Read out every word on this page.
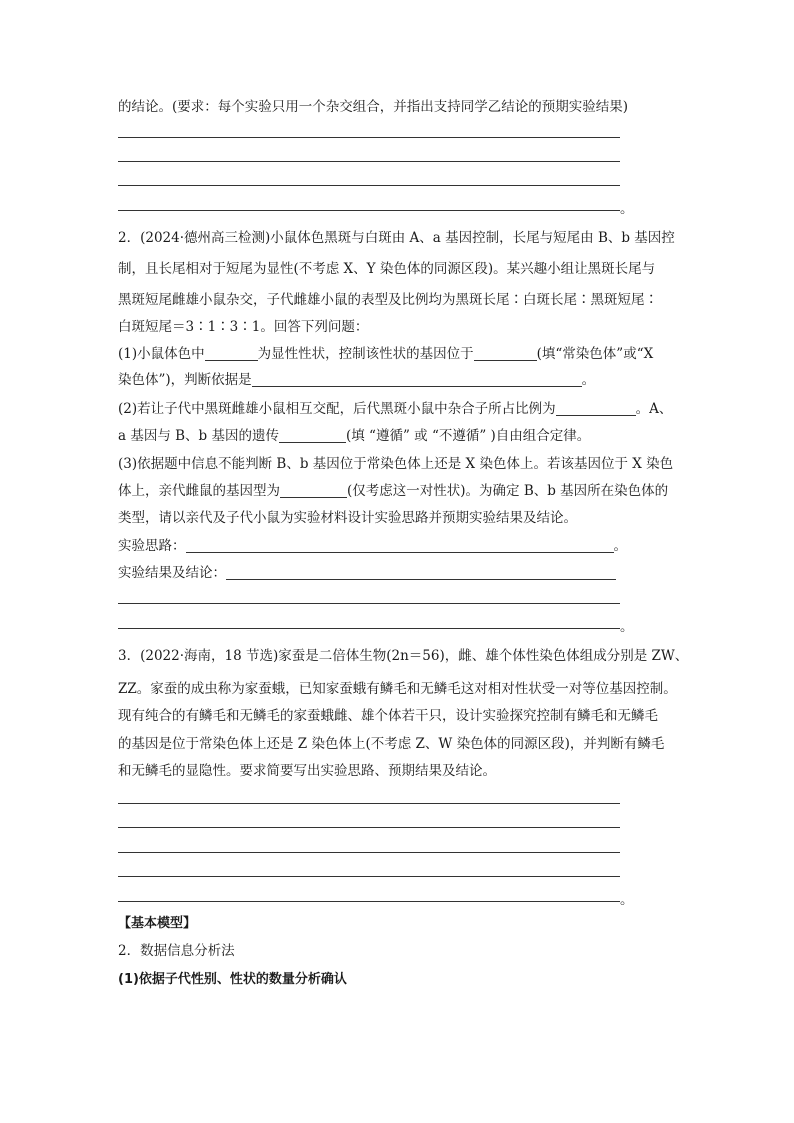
的结论。(要求：每个实验只用一个杂交组合，并指出支持同学乙结论的预期实验结果)
。
2．(2024·德州高三检测)小鼠体色黑斑与白斑由 A、a 基因控制，长尾与短尾由 B、b 基因控
制，且长尾相对于短尾为显性(不考虑 X、Y 染色体的同源区段)。某兴趣小组让黑斑长尾与
黑斑短尾雌雄小鼠杂交，子代雌雄小鼠的表型及比例均为黑斑长尾∶白斑长尾∶黑斑短尾∶
白斑短尾＝3∶1∶3∶1。回答下列问题：
(1)小鼠体色中	为显性性状，控制该性状的基因位于	(填“常染色体”或“X
染色体”)，判断依据是	。
(2)若让子代中黑斑雌雄小鼠相互交配，后代黑斑小鼠中杂合子所占比例为	。A、
a 基因与 B、b 基因的遗传	(填 “遵循” 或 “不遵循” )自由组合定律。
(3)依据题中信息不能判断 B、b 基因位于常染色体上还是 X 染色体上。若该基因位于 X 染色
体上，亲代雌鼠的基因型为	(仅考虑这一对性状)。为确定 B、b 基因所在染色体的
类型，请以亲代及子代小鼠为实验材料设计实验思路并预期实验结果及结论。
实验思路：	。
实验结果及结论：
。
3．(2022·海南，18 节选)家蚕是二倍体生物(2n＝56)，雌、雄个体性染色体组成分别是 ZW、
ZZ。家蚕的成虫称为家蚕蛾，已知家蚕蛾有鳞毛和无鳞毛这对相对性状受一对等位基因控制。
现有纯合的有鳞毛和无鳞毛的家蚕蛾雌、雄个体若干只，设计实验探究控制有鳞毛和无鳞毛
的基因是位于常染色体上还是 Z 染色体上(不考虑 Z、W 染色体的同源区段)，并判断有鳞毛
和无鳞毛的显隐性。要求简要写出实验思路、预期结果及结论。
。
【基本模型】
2．数据信息分析法
(1)依据子代性别、性状的数量分析确认
